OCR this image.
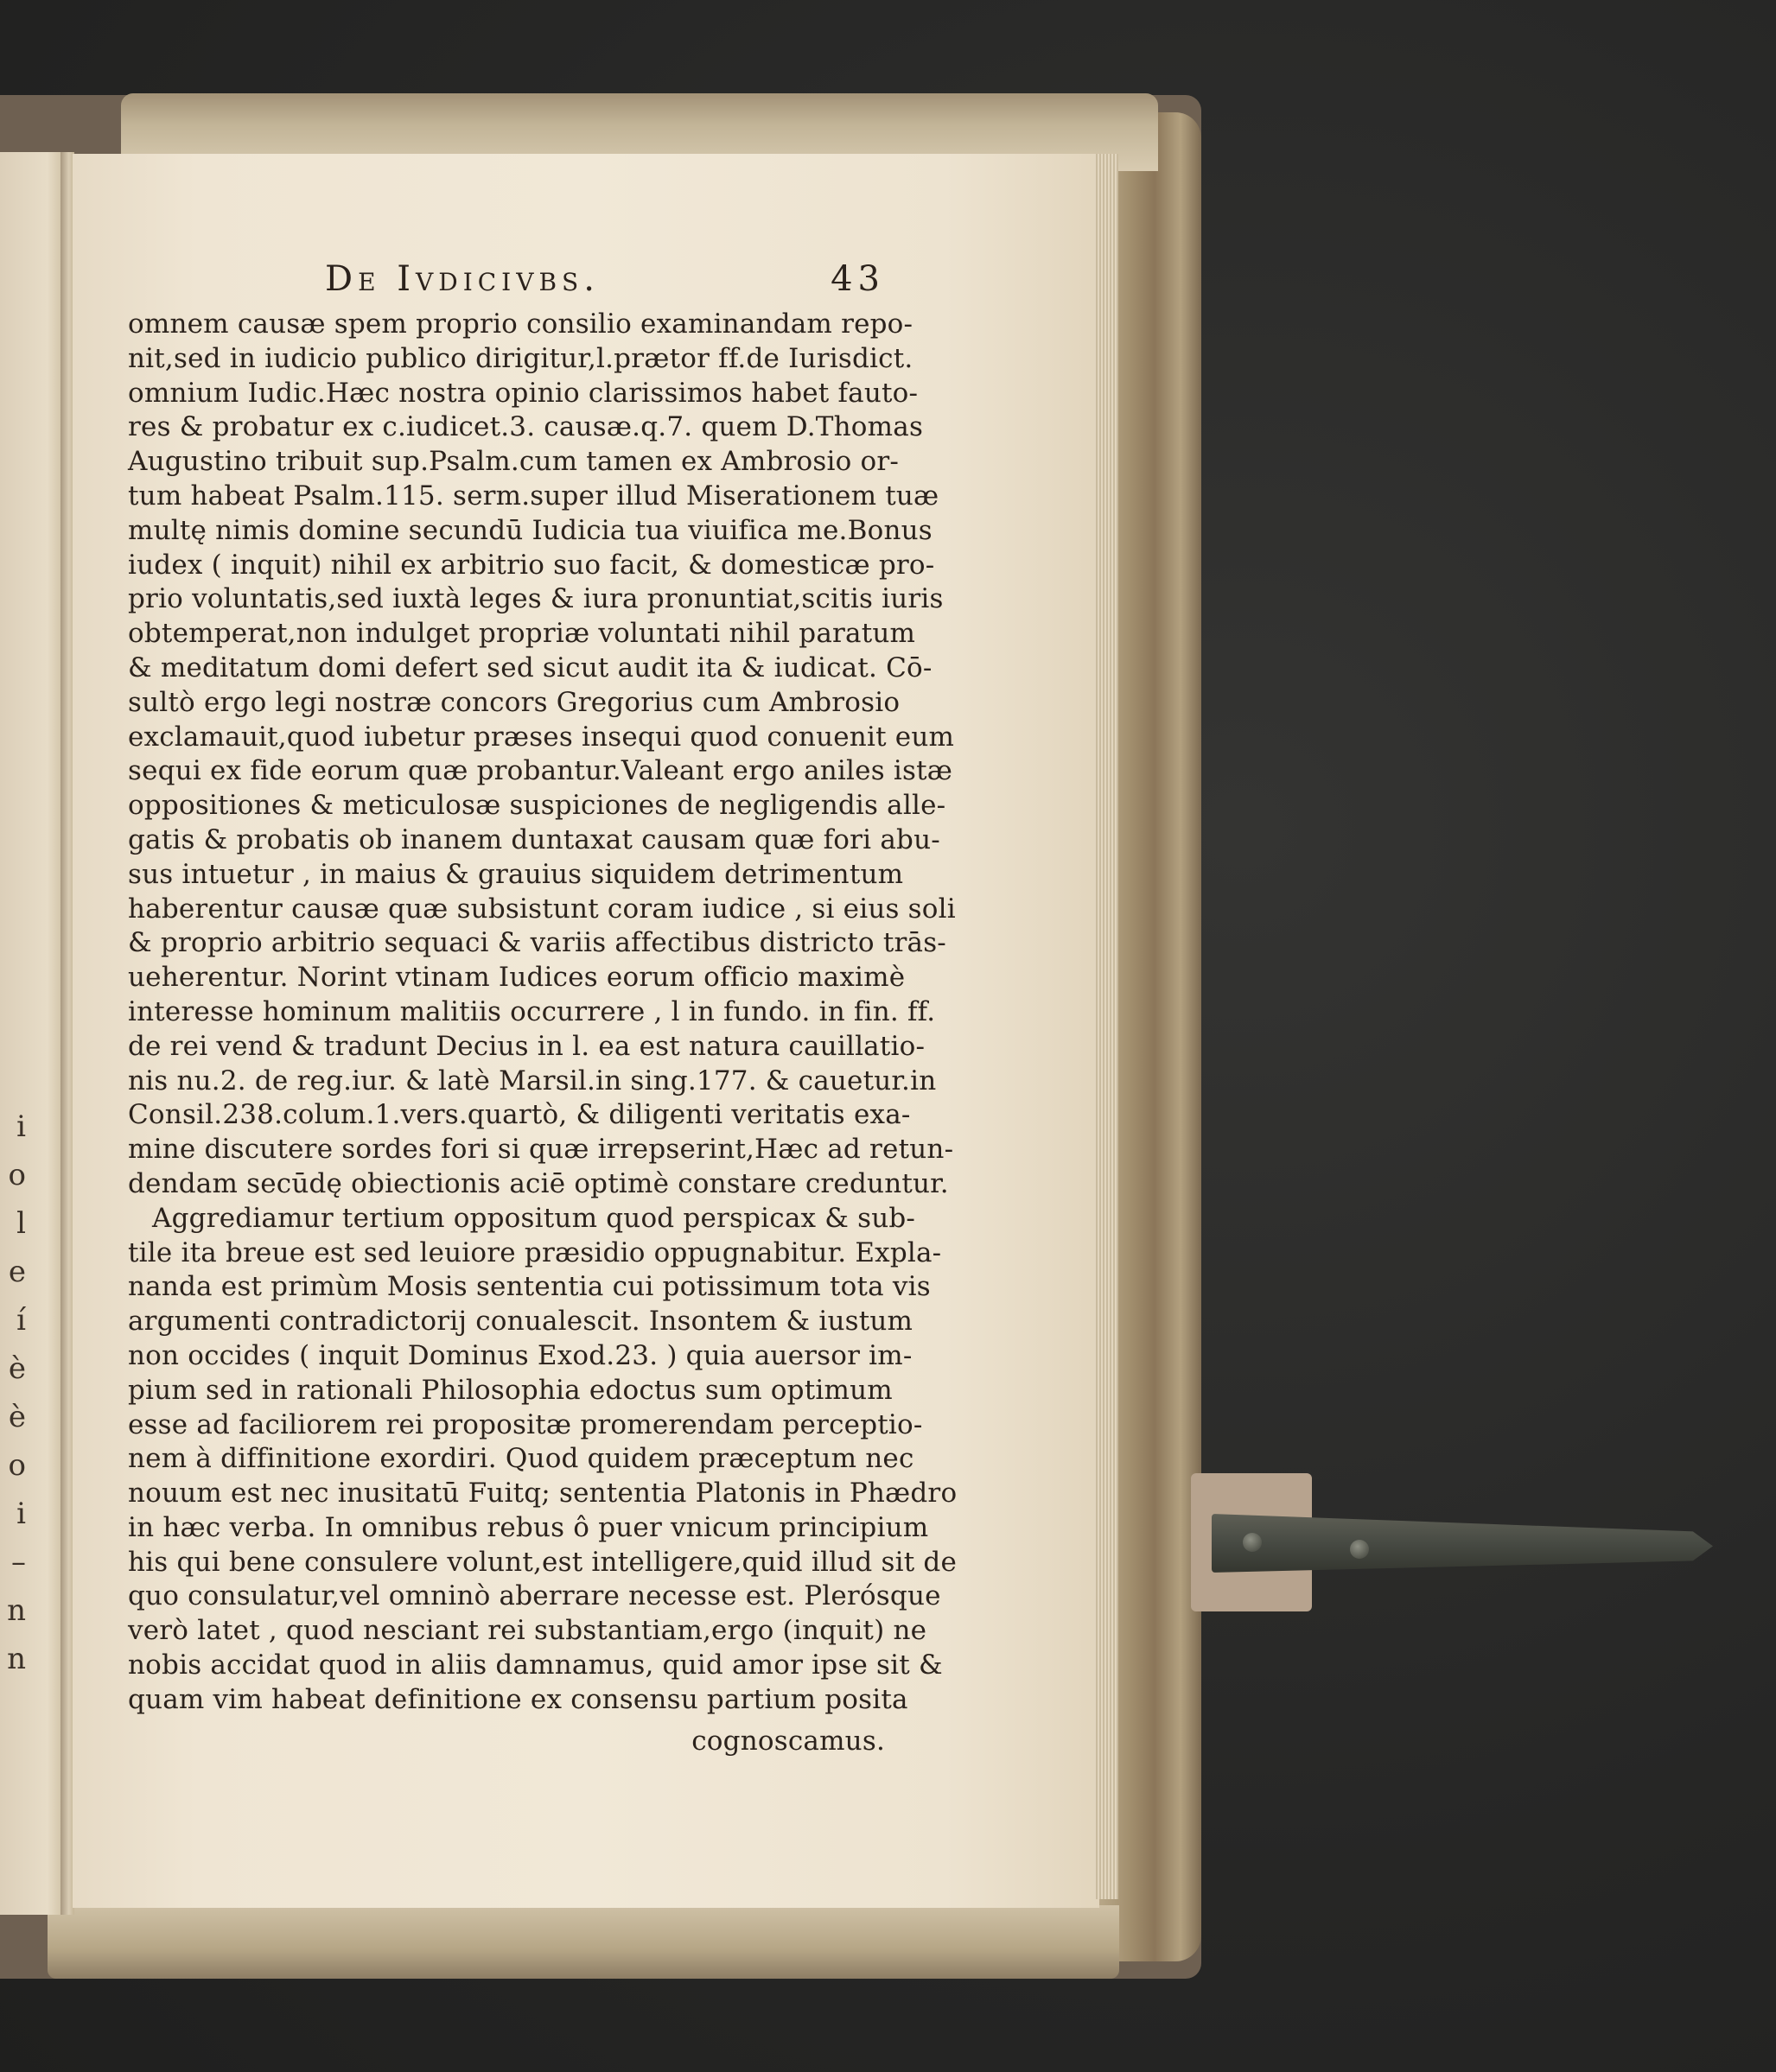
i
o
l
e
í
è
è
o
i
–
n
n
De Ivdicivbs.	43
omnem causæ spem proprio consilio examinandam repo-
nit,sed in iudicio publico dirigitur,l.prætor ff.de Iurisdict.
omnium Iudic.Hæc nostra opinio clarissimos habet fauto-
res & probatur ex c.iudicet.3. causæ.q.7. quem D.Thomas
Augustino tribuit sup.Psalm.cum tamen ex Ambrosio or-
tum habeat Psalm.115. serm.super illud Miserationem tuæ
multę nimis domine secundū Iudicia tua viuifica me.Bonus
iudex ( inquit) nihil ex arbitrio suo facit, & domesticæ pro-
prio voluntatis,sed iuxtà leges & iura pronuntiat,scitis iuris
obtemperat,non indulget propriæ voluntati nihil paratum
& meditatum domi defert sed sicut audit ita & iudicat. Cō-
sultò ergo legi nostræ concors Gregorius cum Ambrosio
exclamauit,quod iubetur præses insequi quod conuenit eum
sequi ex fide eorum quæ probantur.Valeant ergo aniles istæ
oppositiones & meticulosæ suspiciones de negligendis alle-
gatis & probatis ob inanem duntaxat causam quæ fori abu-
sus intuetur , in maius & grauius siquidem detrimentum
haberentur causæ quæ subsistunt coram iudice , si eius soli
& proprio arbitrio sequaci & variis affectibus districto trās-
ueherentur. Norint vtinam Iudices eorum officio maximè
interesse hominum malitiis occurrere , l in fundo. in fin. ff.
de rei vend & tradunt Decius in l. ea est natura cauillatio-
nis nu.2. de reg.iur. & latè Marsil.in sing.177. & cauetur.in
Consil.238.colum.1.vers.quartò, & diligenti veritatis exa-
mine discutere sordes fori si quæ irrepserint,Hæc ad retun-
dendam secūdę obiectionis aciē optimè constare creduntur.
Aggrediamur tertium oppositum quod perspicax & sub-
tile ita breue est sed leuiore præsidio oppugnabitur. Expla-
nanda est primùm Mosis sententia cui potissimum tota vis
argumenti contradictorij conualescit. Insontem & iustum
non occides ( inquit Dominus Exod.23. ) quia auersor im-
pium sed in rationali Philosophia edoctus sum optimum
esse ad faciliorem rei propositæ promerendam perceptio-
nem à diffinitione exordiri. Quod quidem præceptum nec
nouum est nec inusitatū Fuitq; sententia Platonis in Phædro
in hæc verba. In omnibus rebus ô puer vnicum principium
his qui bene consulere volunt,est intelligere,quid illud sit de
quo consulatur,vel omninò aberrare necesse est. Plerósque
verò latet , quod nesciant rei substantiam,ergo (inquit) ne
nobis accidat quod in aliis damnamus, quid amor ipse sit &
quam vim habeat definitione ex consensu partium posita
cognoscamus.
